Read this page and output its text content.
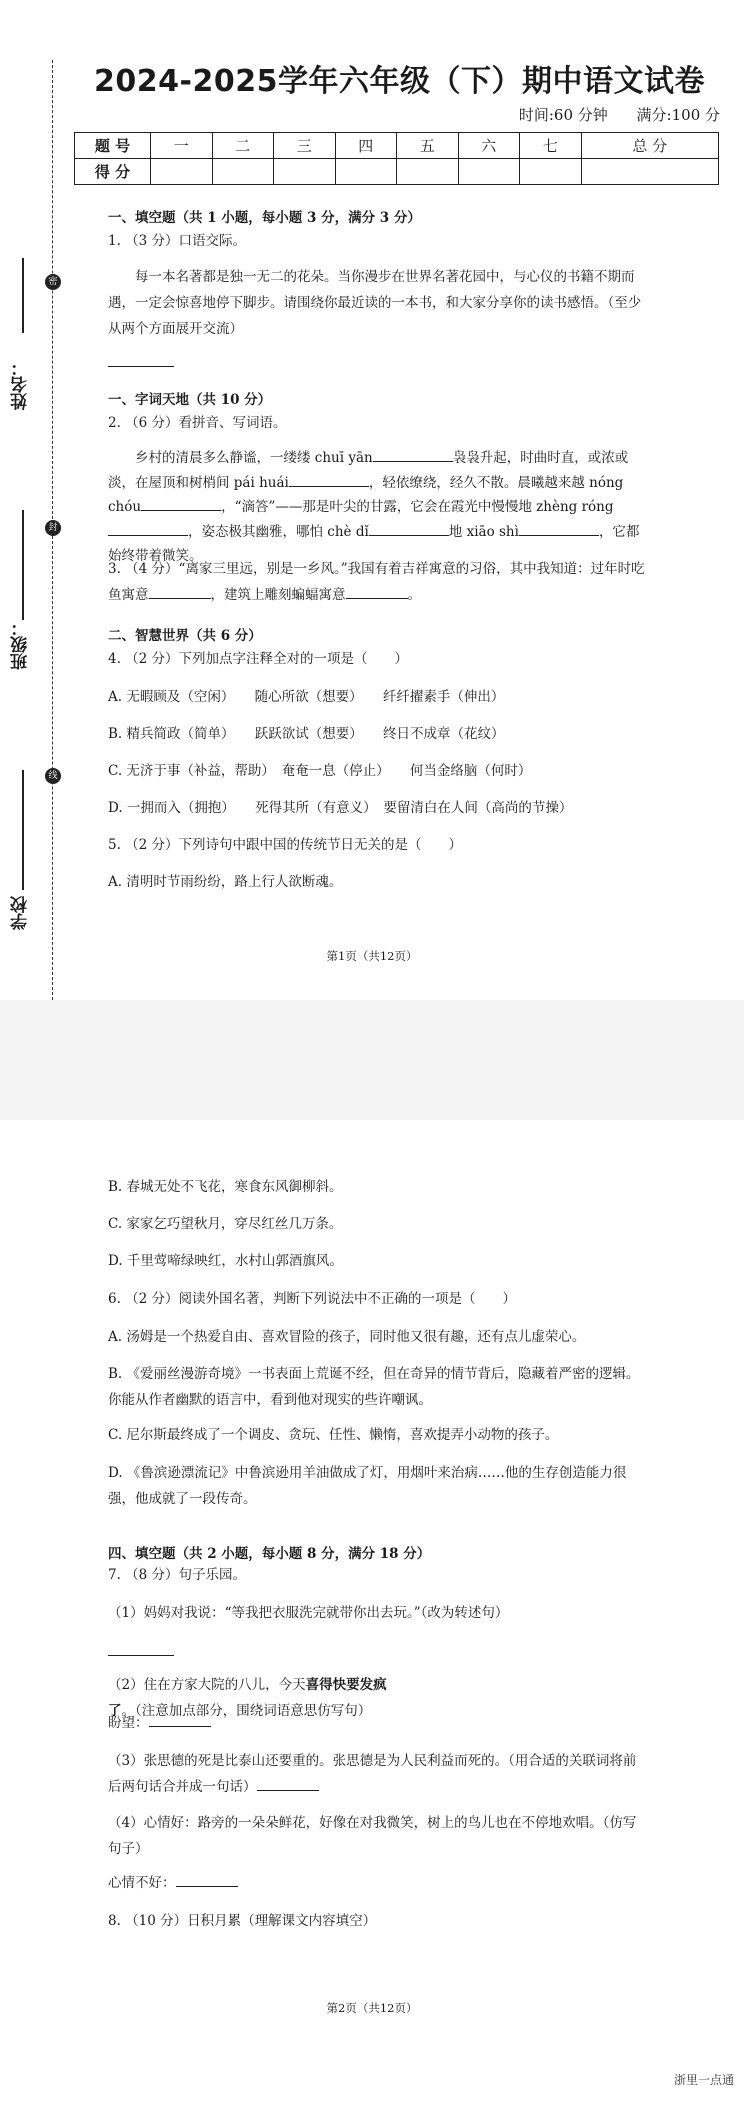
密
封
线
姓名：
班级：
学校
2024-2025学年六年级（下）期中语文试卷
时间:60 分钟 满分:100 分
题 号	一	二	三	四	五	六	七	总 分
得 分								
一、填空题（共 1 小题，每小题 3 分，满分 3 分）
1. （3 分）口语交际。
每一本名著都是独一无二的花朵。当你漫步在世界名著花园中，与心仪的书籍不期而遇，一定会惊喜地停下脚步。请围绕你最近读的一本书，和大家分享你的读书感悟。（至少从两个方面展开交流）
一、字词天地（共 10 分）
2. （6 分）看拼音、写词语。
乡村的清晨多么静谧，一缕缕 chuī yān	袅袅升起，时曲时直，或浓或淡，在屋顶和树梢间 pái huái	，轻依缭绕，经久不散。晨曦越来越 nóng chóu	，“滴答”——那是叶尖的甘露，它会在霞光中慢慢地 zhèng róng，姿态极其幽雅，哪怕 chè dǐ	地 xiāo shì	，它都始终带着微笑。
3. （4 分）“离家三里远，别是一乡风。”我国有着吉祥寓意的习俗，其中我知道：过年时吃鱼寓意	，建筑上雕刻蝙蝠寓意	。
二、智慧世界（共 6 分）
4. （2 分）下列加点字注释全对的一项是（　　）
A. 无暇顾及（空闲）　　随心所欲（想要）　　纤纤擢素手（伸出）
B. 精兵简政（简单）　　跃跃欲试（想要）　　终日不成章（花纹）
C. 无济于事（补益，帮助）　奄奄一息（停止）　　何当金络脑（何时）
D. 一拥而入（拥抱）　　死得其所（有意义）　要留清白在人间（高尚的节操）
5. （2 分）下列诗句中跟中国的传统节日无关的是（　　）
A. 清明时节雨纷纷，路上行人欲断魂。
第1页（共12页）
B. 春城无处不飞花，寒食东风御柳斜。
C. 家家乞巧望秋月，穿尽红丝几万条。
D. 千里莺啼绿映红，水村山郭酒旗风。
6. （2 分）阅读外国名著，判断下列说法中不正确的一项是（　　）
A. 汤姆是一个热爱自由、喜欢冒险的孩子，同时他又很有趣，还有点儿虚荣心。
B. 《爱丽丝漫游奇境》一书表面上荒诞不经，但在奇异的情节背后，隐藏着严密的逻辑。你能从作者幽默的语言中，看到他对现实的些许嘲讽。
C. 尼尔斯最终成了一个调皮、贪玩、任性、懒惰，喜欢提弄小动物的孩子。
D. 《鲁滨逊漂流记》中鲁滨逊用羊油做成了灯，用烟叶来治病……他的生存创造能力很强，他成就了一段传奇。
四、填空题（共 2 小题，每小题 8 分，满分 18 分）
7. （8 分）句子乐园。
（1）妈妈对我说：“等我把衣服洗完就带你出去玩。”（改为转述句）
（2）住在方家大院的八儿，今天喜得快要发疯了。（注意加点部分，围绕词语意思仿写句）
盼望：
（3）张思德的死是比泰山还要重的。张思德是为人民利益而死的。（用合适的关联词将前后两句话合并成一句话）
（4）心情好：路旁的一朵朵鲜花，好像在对我微笑，树上的鸟儿也在不停地欢唱。（仿写句子）
心情不好：
8. （10 分）日积月累（理解课文内容填空）
第2页（共12页）
浙里一点通
